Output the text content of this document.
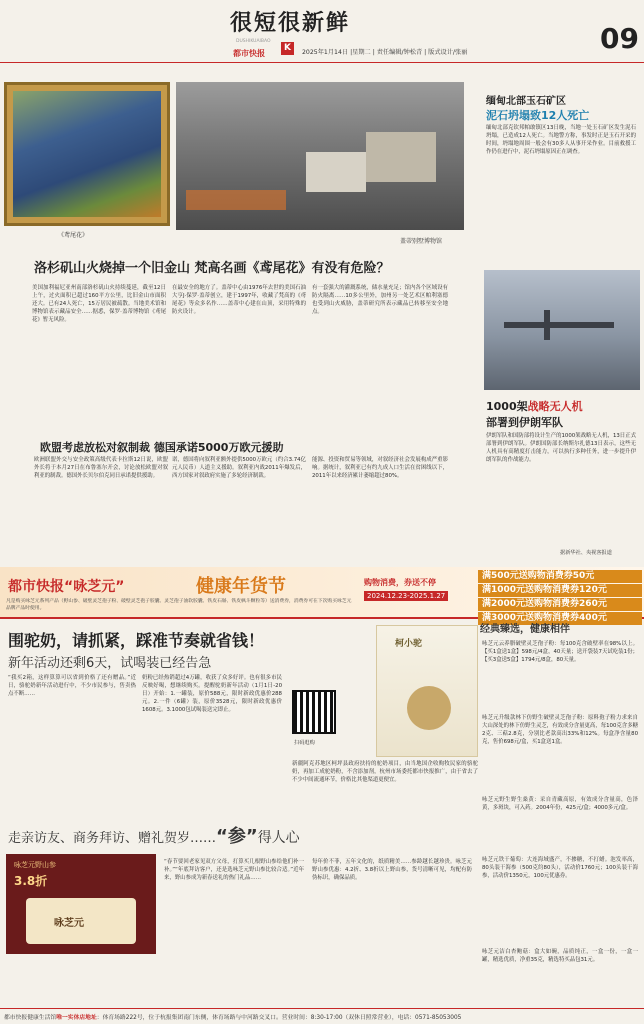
很短很新鲜
都市快报
K
DUSHIKUAIBAO
2025年1月14日 |星期二 | 责任编辑/钟松青 | 版式设计/张丽	09
《鸢尾花》
盖蒂别墅博物馆
洛杉矶山火烧掉一个旧金山 梵高名画《鸢尾花》有没有危险？
美国加利福尼亚州南部洛杉矶山火持续蔓延，截至12日上午，过火面积已超过160平方公里，比旧金山市面积还大。已有24人死亡，15万居民被疏散。当地美术馆和博物馆表示藏品安全……据悉，保罗·盖蒂博物馆《鸢尾花》暂无风险。
在最安全的地方了。盖蒂中心由1976年去世的美国石油大亨J·保罗·盖蒂创立，建于1997年，收藏了梵高的《鸢尾花》等众多名作……盖蒂中心建在山顶，采用特殊的防火设计。
有一套强大的灌溉系统，储水量充足；馆内各个区域设有防火隔离……10多公里外，加州另一处艺术区帕利塞德也受到山火威胁，盖蒂研究所表示藏品已转移至安全地点。
缅甸北部玉石矿区
泥石坍塌致12人死亡
缅甸北部克钦邦帕敢镇区13日晚，当地一处玉石矿区发生泥石坍塌，已造成12人死亡。当地警方称，事发时正是玉石开采的时间，坍塌地周围一般会有30多人从事开采作业。目前救援工作仍在进行中，泥石坍塌原因正在调查。
1000架战略无人机
部署到伊朗军队
伊朗军队和国防部将设计生产的1000架战略无人机，13日正式部署到伊朗军队。伊朗国防部长纳斯尔扎德13日表示，这些无人机具有高精度打击能力，可以执行多种任务，进一步提升伊朗军队的作战能力。
据新华社、央视客报道
欧盟考虑放松对叙制裁 德国承诺5000万欧元援助
欧洲联盟外交与安全政策高级代表卡拉斯12日说，欧盟外长将于本月27日在布鲁塞尔开会，讨论放松欧盟对叙利亚的制裁。德国外长贝尔伯克同日承诺提供援助。
诺，德国将向叙利亚额外提供5000万欧元（约合3.74亿元人民币）人道主义援助。叙利亚内战2011年爆发后，西方国家对叙政府实施了多轮经济制裁。
能源、投资和贸易等领域，对叙经济社会发展构成严重影响。据统计，叙利亚已有约九成人口生活在贫困线以下，2011年以来经济累计萎缩超过80%。
都市快报“咏芝元”	健康年货节	购物消费，券送不停
2024.12.23-2025.1.27
凡是购买咏芝元系列产品（野山参、破壁灵芝孢子粉、破壁灵芝孢子胶囊、灵芝孢子油软胶囊、铁皮石斛、铁皮枫斗颗粒等）送消费券，消费券可在下次购买咏芝元品牌产品时使用。
满500元送购物消费券50元
满1000元送购物消费券120元
满2000元送购物消费券260元
满3000元送购物消费券400元
围驼奶，请抓紧，踩准节奏就省钱！
新年活动还剩6天，试喝装已经告急
“我买2箱，这样算算可以省到价格了还有赠品。”近日，骆驼奶新年活动进行中，不少市民参与，售卖热点不断……
奶粉已经热销超过4万罐，收获了众多好评。也有很多市民反映好喝，想继续购买。提醒驼奶新年活动（1月1日-20日）开始：1.一罐装，原价588元，限时新政优惠价288元。2.一件（6罐）装，原价3528元，限时新政优惠价1608元。3.1000包试喝装送完即止。
扫码逛购
柯小驼
新疆阿克苏地区柯坪县政府扶持的驼奶项目，由当地国企收购牧民家的骆驼奶，再加工成驼奶粉，不含添加剂，杭州市场委托都市快报推广，由于省去了不少中间流通环节，价格比其他渠道更便宜。
走亲访友、商务拜访、赠礼贺岁……“参”得人心
咏芝元野山参
3.8折
咏芝元
“春节要回老家见双方父母，打算买几根野山参给他们补一补。”“年底拜访客户，还是选咏芝元野山参比较合适。”近年来，野山参成为新春送礼的热门礼品……
每年价不菲，五年文化的，纸质精美……参龄越长越珍贵。咏芝元野山参优惠：4.2折、3.8折以上野山参，货号清晰可见，均配有防伪标识，确保品质。
经典臻选，健康相伴
咏芝元云养腊破壁灵芝孢子粉：每100克含破壁率在98%以上。【买1盒送1盒】598元/4盒，40天量；送开袋装7天试吃装1份；【买3盒送5盒】1794元/8盒，80天量。
咏芝元升级款林下仿野生破壁灵芝孢子粉：原料孢子粉力求来自大山深处的林下仿野生灵芝，有效成分含量更高，每100克含多糖2克、三萜2.8克，分别比老款高出33%和12%。每盒净含量80克，售价698元/盒，买1盒送1盒。
咏芝元野生野生桑黄：采自青藏高原，有效成分含量高，色泽黄，多斑块，可入药。2004年份，425元/盒；4000多元/盒。
咏芝元铁干葡萄：大连海域盛产，不掺糖，不打蜡。泡发率高，80头装干海参（500克約80头），活动价1760元；100头装干海参，活动价1350元，100元优惠券。
咏芝元洁白杏鲍菇：盒大如碗，品质纯正，一盒一份，一盒一罐，精选优质，净重35克，精选特买品包31元。
都市快报健康生活馆唯一实体店地址：体育场路222号，位于杭报集团南门东侧，体育场路与中河路交叉口。营业时间：8:30-17:00（双休日照常营业），电话：0571-85053005
